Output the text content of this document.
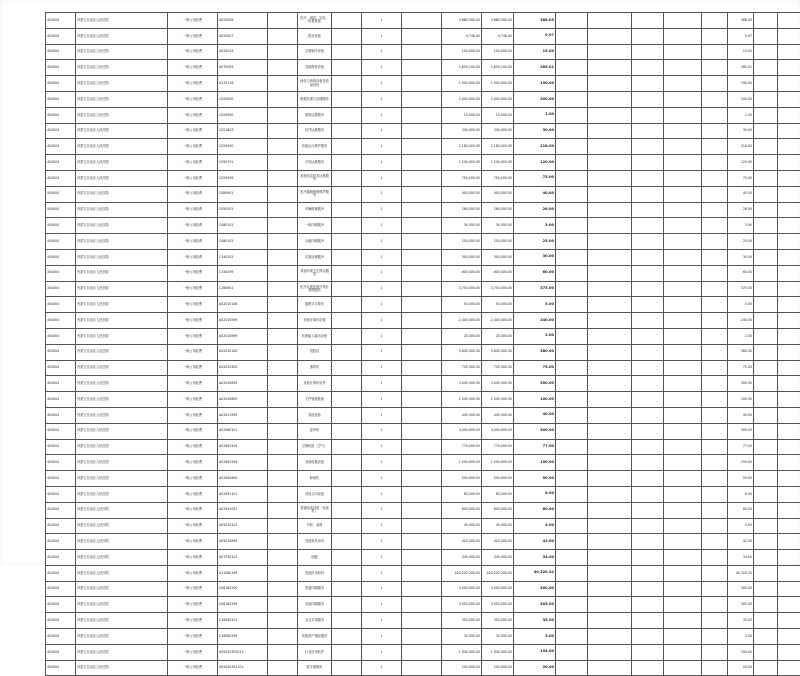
404004	内蒙古自治区人民医院	一般公用经费	A020008		医疗、测量、实验、检查设备		1		3,880,590.00	3,880,590.00	388.05						388.05			
404004	内蒙古自治区人民医院	一般公用经费	A020007		影视设备		1		9,746.00	9,746.00	0.97						0.97			
404004	内蒙古自治区人民医院	一般公用经费	A020019		空调制冷设备		1		150,000.00	150,000.00	15.00						15.00			
404004	内蒙古自治区人民医院	一般公用经费	A070099		其他物资设备		1		2,850,100.00	2,850,100.00	285.01						285.01			
404004	内蒙古自治区人民医院	一般公用经费	A170116		纯化与消毒设备及药品材料		1		1,900,000.00	1,900,000.00	190.00						190.00			
404004	内蒙古自治区人民医院	一般公用经费	C020000		数据处理与存储服务		1		2,000,000.00	2,000,000.00	200.00						200.00			
404004	内蒙古自治区人民医院	一般公用经费	C020900		建筑运维服务		1		10,000.00	10,000.00	1.00						1.00			
404004	内蒙古自治区人民医院	一般公用经费	C021803		软件运维服务		1		300,000.00	300,000.00	30.00						30.00			
404004	内蒙古自治区人民医院	一般公用经费	C020900		其他运行维护服务		1		2,180,000.00	2,180,000.00	218.00						218.00			
404004	内蒙古自治区人民医院	一般公用经费	C050701		开发运维服务		1		1,200,000.00	1,200,000.00	120.00						120.00			
404004	内蒙古自治区人民医院	一般公用经费	C020999		其他信息技术运维服务		1		750,000.00	750,000.00	75.00						75.00			
404004	内蒙古自治区人民医院	一般公用经费	C080901		医疗器械维修维护服务		1		400,000.00	400,000.00	40.00						40.00			
404004	内蒙古自治区人民医院	一般公用经费	C050502		车辆维修服务		1		260,000.00	260,000.00	26.00						26.00			
404004	内蒙古自治区人民医院	一般公用经费	C080101		一般印刷服务		1		30,000.00	30,000.00	3.00						3.00			
404004	内蒙古自治区人民医院	一般公用经费	C080102		出版印刷服务		1		250,000.00	250,000.00	25.00						25.00			
404004	内蒙古自治区人民医院	一般公用经费	C140102		垃圾处理服务		1		300,000.00	300,000.00	30.00						30.00			
404004	内蒙古自治区人民医院	一般公用经费	C140299		其他环境卫生保洁服务		1		600,000.00	600,000.00	60.00						60.00			
404004	内蒙古自治区人民医院	一般公用经费	C160601		医疗垃圾处理与物业管理服务		1		3,750,000.00	3,750,000.00	375.00						375.00			
404004	内蒙古自治区人民医院	一般公用经费	A02010106		便携式计算机		1		50,000.00	50,000.00	5.00						5.00			
404004	内蒙古自治区人民医院	一般公用经费	A02010599		其他计算机设备		1		2,400,000.00	2,400,000.00	240.00						240.00			
404004	内蒙古自治区人民医院	一般公用经费	A02010699		其他输入输出设备		1		20,000.00	20,000.00	2.00						2.00			
404004	内蒙古自治区人民医院	一般公用经费	A02020100		投影仪		1		3,800,000.00	3,800,000.00	380.00						380.00			
404004	内蒙古自治区人民医院	一般公用经费	A02020400		速印机		1		750,000.00	750,000.00	75.00						75.00			
404004	内蒙古自治区人民医院	一般公用经费	A02020899		其他计算机软件		1		3,000,000.00	3,000,000.00	300.00						300.00			
404004	内蒙古自治区人民医院	一般公用经费	A02020800		文件管理系统		1		1,000,000.00	1,000,000.00	100.00						100.00			
404004	内蒙古自治区人民医院	一般公用经费	A02021999		其他设备		1		400,000.00	400,000.00	40.00						40.00			
404004	内蒙古自治区人民医院	一般公用经费	A02080101		复印机		1		3,000,000.00	3,000,000.00	300.00						300.00			
404004	内蒙古自治区人民医院	一般公用经费	A02061504		空调机组（空气）		1		770,000.00	770,000.00	77.00						77.00			
404004	内蒙古自治区人民医院	一般公用经费	A02061599		其他电器设备		1		1,500,000.00	1,500,000.00	150.00						150.00			
404004	内蒙古自治区人民医院	一般公用经费	A02062800		碎纸机		1		500,000.00	500,000.00	50.00						50.00			
404004	内蒙古自治区人民医院	一般公用经费	A02091101		其他文印设备		1		80,000.00	80,000.00	8.00						8.00			
404004	内蒙古自治区人民医院	一般公用经费	A02091001		普通电视设备（电视机）		1		600,000.00	600,000.00	60.00						60.00			
404004	内蒙古自治区人民医院	一般公用经费	A05010101		书柜、桌椅		1		40,000.00	40,000.00	4.00						4.00			
404004	内蒙古自治区人民医院	一般公用经费	A05010699		其他家具用具		1		420,000.00	420,000.00	42.00						42.00			
404004	内蒙古自治区人民医院	一般公用经费	A07030101		刨板		1		340,000.00	340,000.00	34.00						34.00			
404004	内蒙古自治区人民医院	一般公用经费	A11080199		其他医用材料		1		403,203,200.00	403,203,200.00	40,320.32						40,320.32			
404004	内蒙古自治区人民医院	一般公用经费	C06180100		普通印刷服务		1		3,000,000.00	3,000,000.00	300.00						300.00			
404004	内蒙古自治区人民医院	一般公用经费	C06180199		其他印刷服务		1		3,050,000.00	3,050,000.00	305.00						305.00			
404004	内蒙古自治区人民医院	一般公用经费	C16090101		农业专项服务		1		350,000.00	350,000.00	35.00						35.00			
404004	内蒙古自治区人民医院	一般公用经费	C16060299		其他资产保险服务		1		30,000.00	30,000.00	3.00						3.00			
404004	内蒙古自治区人民医院	一般公用经费	A05020302013		行业应用软件		1		1,940,000.00	1,940,000.00	194.00						194.00			
404004	内蒙古自治区人民医院	一般公用经费	A05020302101		数字照相机		1		200,000.00	200,000.00	20.00						20.00			
